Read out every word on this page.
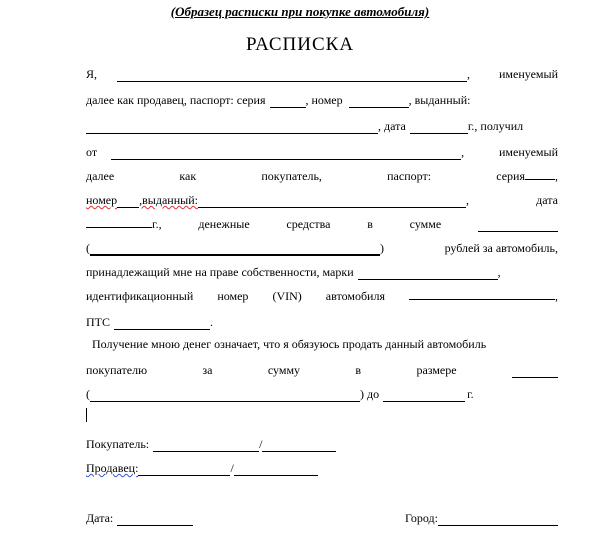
(Образец расписки при покупке автомобиля)
РАСПИСКА
Я,	, именуемый
далее как продавец, паспорт: серия	, номер	, выданный:
, дата	г., получил
от	,	именуемый
далее	как	покупатель,	паспорт:	серия	,
номер ,выданный:	,	дата
г.,	денежные	средства	в	сумме
(	)	рублей за автомобиль,
принадлежащий мне на праве собственности, марки	,
идентификационный номер (VIN) автомобиля	,
ПТС	.
Получение мною денег означает, что я обязуюсь продать данный автомобиль
покупателю	за	сумму	в	размере
(	) до	г.
Покупатель:	/
Продавец:	/
Дата:	Город:
